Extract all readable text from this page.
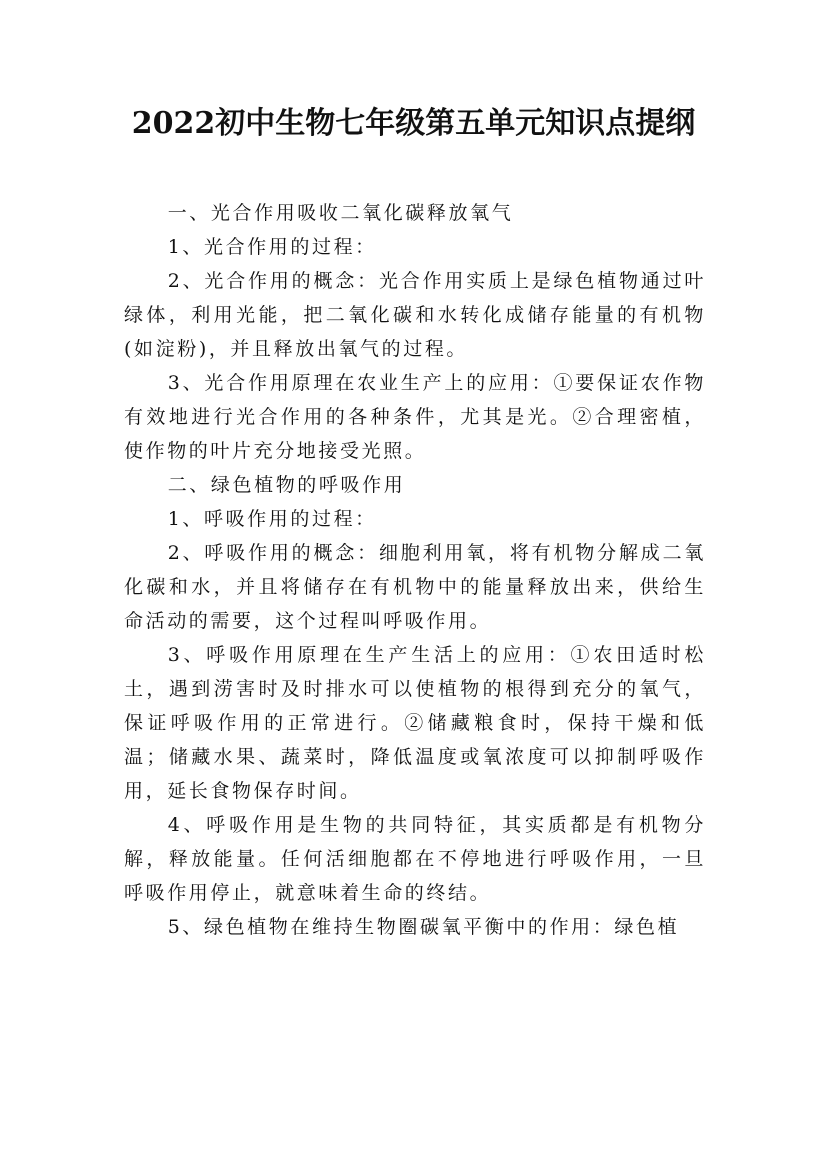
2022初中生物七年级第五单元知识点提纲

一、光合作用吸收二氧化碳释放氧气

1、光合作用的过程：

2、光合作用的概念：光合作用实质上是绿色植物通过叶绿体，利用光能，把二氧化碳和水转化成储存能量的有机物(如淀粉)，并且释放出氧气的过程。

3、光合作用原理在农业生产上的应用：①要保证农作物有效地进行光合作用的各种条件，尤其是光。②合理密植，使作物的叶片充分地接受光照。

二、绿色植物的呼吸作用

1、呼吸作用的过程：

2、呼吸作用的概念：细胞利用氧，将有机物分解成二氧化碳和水，并且将储存在有机物中的能量释放出来，供给生命活动的需要，这个过程叫呼吸作用。

3、呼吸作用原理在生产生活上的应用：①农田适时松土，遇到涝害时及时排水可以使植物的根得到充分的氧气，保证呼吸作用的正常进行。②储藏粮食时，保持干燥和低温；储藏水果、蔬菜时，降低温度或氧浓度可以抑制呼吸作用，延长食物保存时间。

4、呼吸作用是生物的共同特征，其实质都是有机物分解，释放能量。任何活细胞都在不停地进行呼吸作用，一旦呼吸作用停止，就意味着生命的终结。

5、绿色植物在维持生物圈碳氧平衡中的作用：绿色植
